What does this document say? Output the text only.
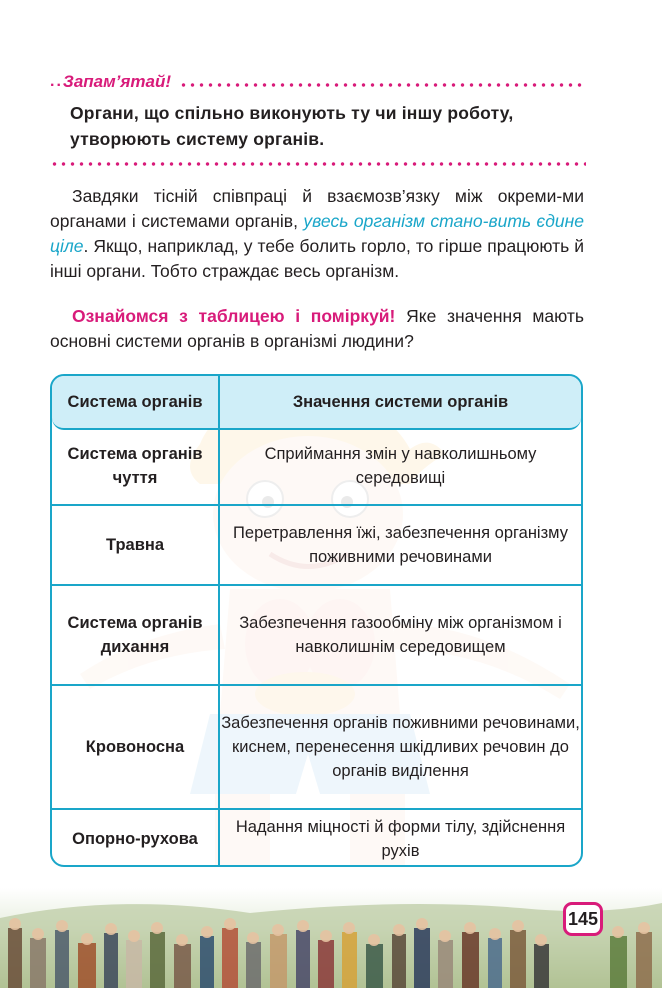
.. Запам’ятай!
Органи, що спільно виконують ту чи іншу роботу, утворюють систему органів.
Завдяки тісній співпраці й взаємозв’язку між окреми-ми органами і системами органів, увесь організм стано-вить єдине ціле. Якщо, наприклад, у тебе болить горло, то гірше працюють й інші органи. Тобто страждає весь організм.
Ознайомся з таблицею і поміркуй! Яке значення мають основні системи органів в організмі людини?
Система органів	Значення системи органів
Система органів чуття
Сприймання змін у навколишньому середовищі
Травна
Перетравлення їжі, забезпечення організму поживними речовинами
Система органів дихання
Забезпечення газообміну між організмом і навколишнім середовищем
Кровоносна
Забезпечення органів поживними речовинами, киснем, перенесення шкідливих речовин до органів виділення
Опорно-рухова
Надання міцності й форми тілу, здійснення рухів
145
